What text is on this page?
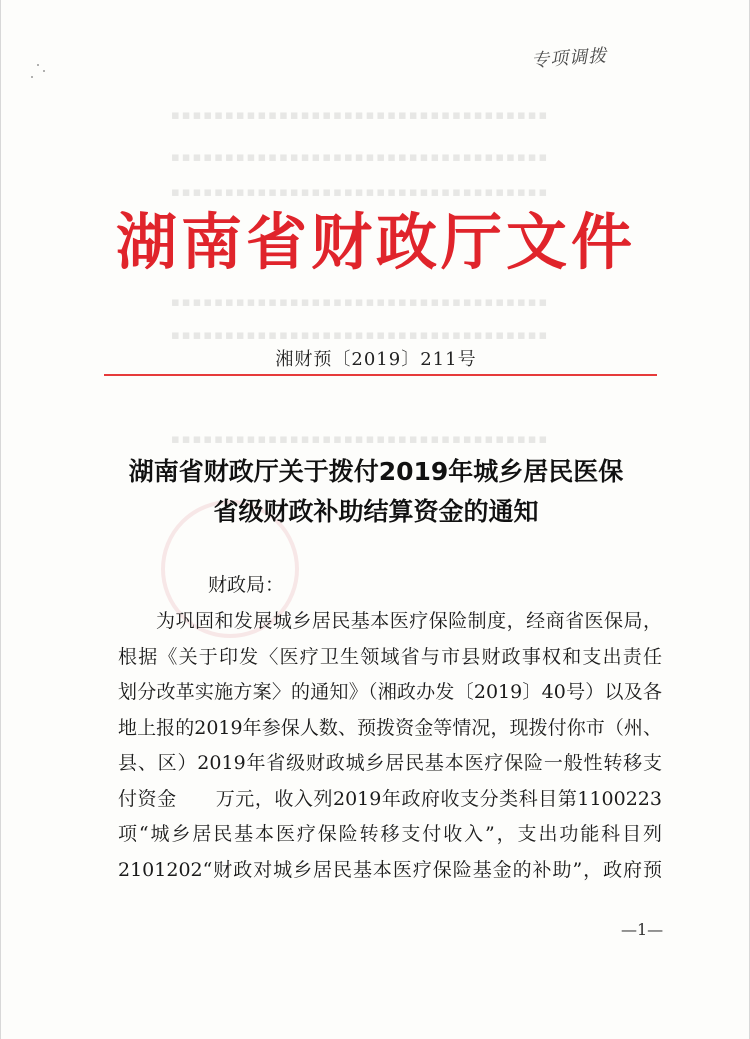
▪▪▪▪▪▪▪▪▪▪▪▪▪▪▪▪▪▪▪▪▪▪▪▪▪▪▪▪▪▪▪▪▪▪▪
▪▪▪▪▪▪▪▪▪▪▪▪▪▪▪▪▪▪▪▪▪▪▪▪▪▪▪▪▪▪▪▪▪▪▪
▪▪▪▪▪▪▪▪▪▪▪▪▪▪▪▪▪▪▪▪▪▪▪▪▪▪▪▪▪▪▪▪▪▪▪
▪▪▪▪▪▪▪▪▪▪▪▪▪▪▪▪▪▪▪▪▪▪▪▪▪▪▪▪▪▪▪▪▪▪▪
▪▪▪▪▪▪▪▪▪▪▪▪▪▪▪▪▪▪▪▪▪▪▪▪▪▪▪▪▪▪▪▪▪▪▪
▪▪▪▪▪▪▪▪▪▪▪▪▪▪▪▪▪▪▪▪▪▪▪▪▪▪▪▪▪▪▪▪▪▪▪
专项调拨
湖南省财政厅文件
湘财预〔2019〕211号
湖南省财政厅关于拨付2019年城乡居民医保
省级财政补助结算资金的通知
财政局：
为巩固和发展城乡居民基本医疗保险制度，经商省医保局，
根据《关于印发〈医疗卫生领域省与市县财政事权和支出责任
划分改革实施方案〉的通知》（湘政办发〔2019〕40号）以及各
地上报的2019年参保人数、预拨资金等情况，现拨付你市（州、
县、区）2019年省级财政城乡居民基本医疗保险一般性转移支
付资金　　万元，收入列2019年政府收支分类科目第1100223
项“城乡居民基本医疗保险转移支付收入”，支出功能科目列
2101202“财政对城乡居民基本医疗保险基金的补助”，政府预
—1—
